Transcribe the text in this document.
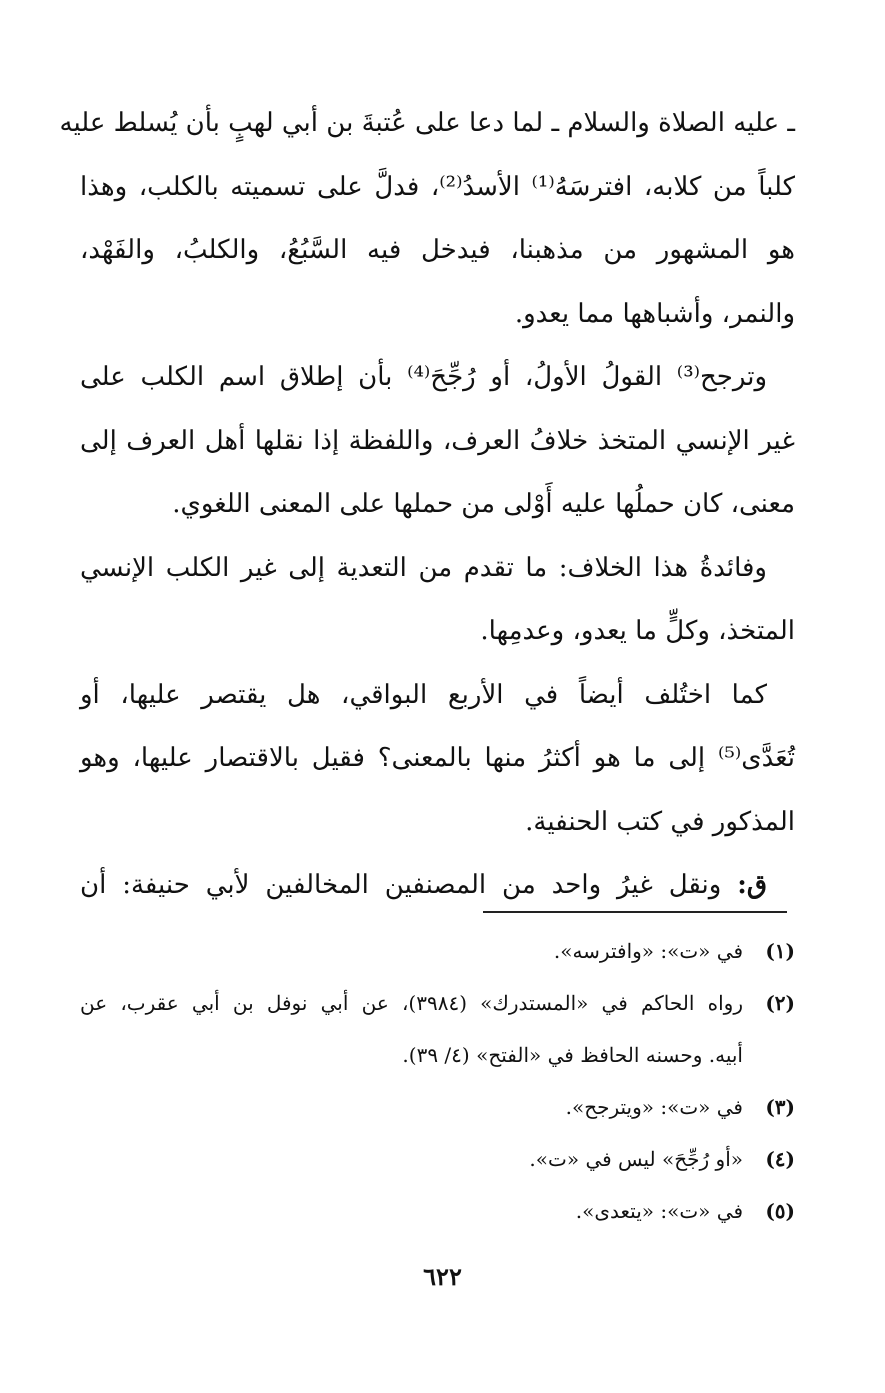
ـ عليه الصلاة والسلام ـ لما دعا على عُتبةَ بن أبي لهبٍ بأن يُسلط عليه
كلباً من كلابه، افترسَهُ⁽¹⁾ الأسدُ⁽²⁾، فدلَّ على تسميته بالكلب، وهذا
هو المشهور من مذهبنا، فيدخل فيه السَّبُعُ، والكلبُ، والفَهْد،
والنمر، وأشباهها مما يعدو.
وترجح⁽³⁾ القولُ الأولُ، أو رُجِّحَ⁽⁴⁾ بأن إطلاق اسم الكلب على
غير الإنسي المتخذ خلافُ العرف، واللفظة إذا نقلها أهل العرف إلى
معنى، كان حملُها عليه أَوْلى من حملها على المعنى اللغوي.
وفائدةُ هذا الخلاف: ما تقدم من التعدية إلى غير الكلب الإنسي
المتخذ، وكلٍّ ما يعدو، وعدمِها.
كما اختُلف أيضاً في الأربع البواقي، هل يقتصر عليها، أو
تُعَدَّى⁽⁵⁾ إلى ما هو أكثرُ منها بالمعنى؟ فقيل بالاقتصار عليها، وهو
المذكور في كتب الحنفية.
ق: ونقل غيرُ واحد من المصنفين المخالفين لأبي حنيفة: أن
(١)
في «ت»: «وافترسه».
(٢)
رواه الحاكم في «المستدرك» (٣٩٨٤)، عن أبي نوفل بن أبي عقرب، عن
أبيه. وحسنه الحافظ في «الفتح» (٤/ ٣٩).
(٣)
في «ت»: «ويترجح».
(٤)
«أو رُجِّحَ» ليس في «ت».
(٥)
في «ت»: «يتعدى».
٦٢٢
